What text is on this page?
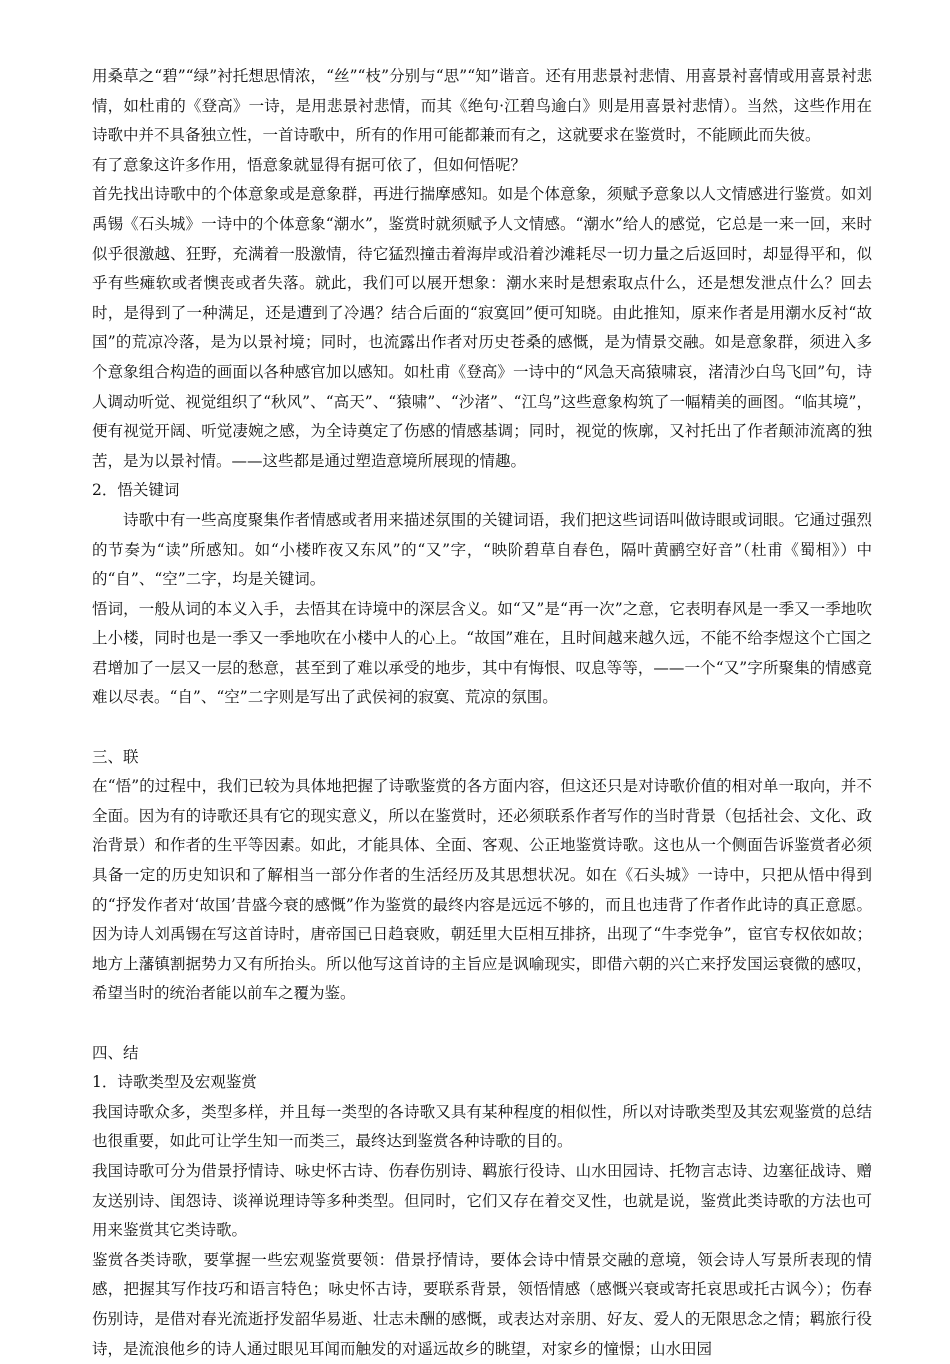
用桑草之“碧”“绿”衬托想思情浓，“丝”“枝”分别与“思”“知”谐音。还有用悲景衬悲情、用喜景衬喜情或用喜景衬悲情，如杜甫的《登高》一诗，是用悲景衬悲情，而其《绝句·江碧鸟逾白》则是用喜景衬悲情）。当然，这些作用在诗歌中并不具备独立性，一首诗歌中，所有的作用可能都兼而有之，这就要求在鉴赏时，不能顾此而失彼。

有了意象这许多作用，悟意象就显得有据可依了，但如何悟呢？

首先找出诗歌中的个体意象或是意象群，再进行揣摩感知。如是个体意象，须赋予意象以人文情感进行鉴赏。如刘禹锡《石头城》一诗中的个体意象“潮水”，鉴赏时就须赋予人文情感。“潮水”给人的感觉，它总是一来一回，来时似乎很激越、狂野，充满着一股激情，待它猛烈撞击着海岸或沿着沙滩耗尽一切力量之后返回时，却显得平和，似乎有些瘫软或者懊丧或者失落。就此，我们可以展开想象：潮水来时是想索取点什么，还是想发泄点什么？回去时，是得到了一种满足，还是遭到了冷遇？结合后面的“寂寞回”便可知晓。由此推知，原来作者是用潮水反衬“故国”的荒凉冷落，是为以景衬境；同时，也流露出作者对历史苍桑的感慨，是为情景交融。如是意象群，须进入多个意象组合构造的画面以各种感官加以感知。如杜甫《登高》一诗中的“风急天高猿啸哀，渚清沙白鸟飞回”句，诗人调动听觉、视觉组织了“秋风”、“高天”、“猿啸”、“沙渚”、“江鸟”这些意象构筑了一幅精美的画图。“临其境”，便有视觉开阔、听觉凄婉之感，为全诗奠定了伤感的情感基调；同时，视觉的恢廓，又衬托出了作者颠沛流离的独苦，是为以景衬情。——这些都是通过塑造意境所展现的情趣。

2．悟关键词

诗歌中有一些高度聚集作者情感或者用来描述氛围的关键词语，我们把这些词语叫做诗眼或词眼。它通过强烈的节奏为“读”所感知。如“小楼昨夜又东风”的“又”字，“映阶碧草自春色，隔叶黄鹂空好音”（杜甫《蜀相》）中的“自”、“空”二字，均是关键词。

悟词，一般从词的本义入手，去悟其在诗境中的深层含义。如“又”是“再一次”之意，它表明春风是一季又一季地吹上小楼，同时也是一季又一季地吹在小楼中人的心上。“故国”难在，且时间越来越久远，不能不给李煜这个亡国之君增加了一层又一层的愁意，甚至到了难以承受的地步，其中有悔恨、叹息等等，——一个“又”字所聚集的情感竟难以尽表。“自”、“空”二字则是写出了武侯祠的寂寞、荒凉的氛围。

三、联

在“悟”的过程中，我们已较为具体地把握了诗歌鉴赏的各方面内容，但这还只是对诗歌价值的相对单一取向，并不全面。因为有的诗歌还具有它的现实意义，所以在鉴赏时，还必须联系作者写作的当时背景（包括社会、文化、政治背景）和作者的生平等因素。如此，才能具体、全面、客观、公正地鉴赏诗歌。这也从一个侧面告诉鉴赏者必须具备一定的历史知识和了解相当一部分作者的生活经历及其思想状况。如在《石头城》一诗中，只把从悟中得到的“抒发作者对‘故国’昔盛今衰的感慨”作为鉴赏的最终内容是远远不够的，而且也违背了作者作此诗的真正意愿。因为诗人刘禹锡在写这首诗时，唐帝国已日趋衰败，朝廷里大臣相互排挤，出现了“牛李党争”，宦官专权依如故；地方上藩镇割据势力又有所抬头。所以他写这首诗的主旨应是讽喻现实，即借六朝的兴亡来抒发国运衰微的感叹，希望当时的统治者能以前车之覆为鉴。

四、结

1．诗歌类型及宏观鉴赏

我国诗歌众多，类型多样，并且每一类型的各诗歌又具有某种程度的相似性，所以对诗歌类型及其宏观鉴赏的总结也很重要，如此可让学生知一而类三，最终达到鉴赏各种诗歌的目的。

我国诗歌可分为借景抒情诗、咏史怀古诗、伤春伤别诗、羁旅行役诗、山水田园诗、托物言志诗、边塞征战诗、赠友送别诗、闺怨诗、谈禅说理诗等多种类型。但同时，它们又存在着交叉性，也就是说，鉴赏此类诗歌的方法也可用来鉴赏其它类诗歌。

鉴赏各类诗歌，要掌握一些宏观鉴赏要领：借景抒情诗，要体会诗中情景交融的意境，领会诗人写景所表现的情感，把握其写作技巧和语言特色；咏史怀古诗，要联系背景，领悟情感（感慨兴衰或寄托哀思或托古讽今）；伤春伤别诗，是借对春光流逝抒发韶华易逝、壮志未酬的感慨，或表达对亲朋、好友、爱人的无限思念之情；羁旅行役诗，是流浪他乡的诗人通过眼见耳闻而触发的对遥远故乡的眺望，对家乡的憧憬；山水田园
